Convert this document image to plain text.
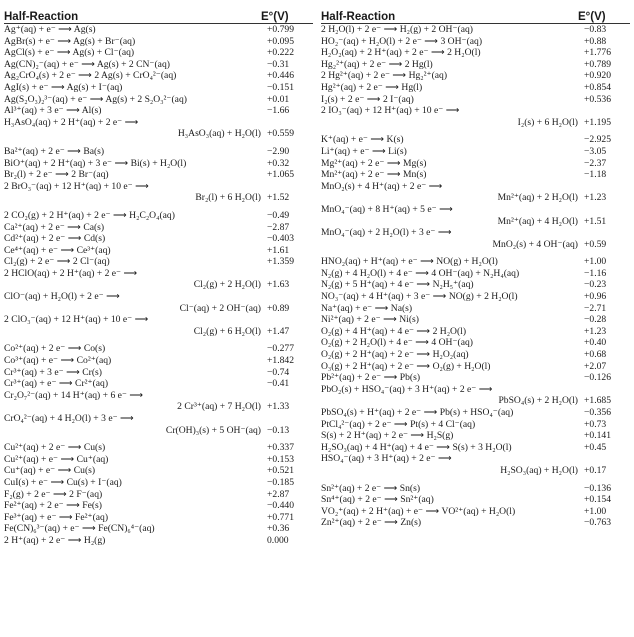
Half-Reaction	E°(V)
Ag⁺(aq) + e⁻ ⟶ Ag(s)	+0.799
AgBr(s) + e⁻ ⟶ Ag(s) + Br⁻(aq)	+0.095
AgCl(s) + e⁻ ⟶ Ag(s) + Cl⁻(aq)	+0.222
Ag(CN)₂⁻(aq) + e⁻ ⟶ Ag(s) + 2 CN⁻(aq)	−0.31
Ag₂CrO₄(s) + 2 e⁻ ⟶ 2 Ag(s) + CrO₄²⁻(aq)	+0.446
AgI(s) + e⁻ ⟶ Ag(s) + I⁻(aq)	−0.151
Ag(S₂O₃)₂³⁻(aq) + e⁻ ⟶ Ag(s) + 2 S₂O₃²⁻(aq)	+0.01
Al³⁺(aq) + 3 e⁻ ⟶ Al(s)	−1.66
H₃AsO₄(aq) + 2 H⁺(aq) + 2 e⁻ ⟶
H₃AsO₃(aq) + H₂O(l) +0.559
Ba²⁺(aq) + 2 e⁻ ⟶ Ba(s)	−2.90
BiO⁺(aq) + 2 H⁺(aq) + 3 e⁻ ⟶ Bi(s) + H₂O(l)	+0.32
Br₂(l) + 2 e⁻ ⟶ 2 Br⁻(aq)	+1.065
2 BrO₃⁻(aq) + 12 H⁺(aq) + 10 e⁻ ⟶
Br₂(l) + 6 H₂O(l) +1.52
2 CO₂(g) + 2 H⁺(aq) + 2 e⁻ ⟶ H₂C₂O₄(aq)	−0.49
Ca²⁺(aq) + 2 e⁻ ⟶ Ca(s)	−2.87
Cd²⁺(aq) + 2 e⁻ ⟶ Cd(s)	−0.403
Ce⁴⁺(aq) + e⁻ ⟶ Ce³⁺(aq)	+1.61
Cl₂(g) + 2 e⁻ ⟶ 2 Cl⁻(aq)	+1.359
2 HClO(aq) + 2 H⁺(aq) + 2 e⁻ ⟶
Cl₂(g) + 2 H₂O(l) +1.63
ClO⁻(aq) + H₂O(l) + 2 e⁻ ⟶
Cl⁻(aq) + 2 OH⁻(aq) +0.89
2 ClO₃⁻(aq) + 12 H⁺(aq) + 10 e⁻ ⟶
Cl₂(g) + 6 H₂O(l) +1.47
Co²⁺(aq) + 2 e⁻ ⟶ Co(s)	−0.277
Co³⁺(aq) + e⁻ ⟶ Co²⁺(aq)	+1.842
Cr³⁺(aq) + 3 e⁻ ⟶ Cr(s)	−0.74
Cr³⁺(aq) + e⁻ ⟶ Cr²⁺(aq)	−0.41
Cr₂O₇²⁻(aq) + 14 H⁺(aq) + 6 e⁻ ⟶
2 Cr³⁺(aq) + 7 H₂O(l) +1.33
CrO₄²⁻(aq) + 4 H₂O(l) + 3 e⁻ ⟶
Cr(OH)₃(s) + 5 OH⁻(aq) −0.13
Cu²⁺(aq) + 2 e⁻ ⟶ Cu(s)	+0.337
Cu²⁺(aq) + e⁻ ⟶ Cu⁺(aq)	+0.153
Cu⁺(aq) + e⁻ ⟶ Cu(s)	+0.521
CuI(s) + e⁻ ⟶ Cu(s) + I⁻(aq)	−0.185
F₂(g) + 2 e⁻ ⟶ 2 F⁻(aq)	+2.87
Fe²⁺(aq) + 2 e⁻ ⟶ Fe(s)	−0.440
Fe³⁺(aq) + e⁻ ⟶ Fe²⁺(aq)	+0.771
Fe(CN)₆³⁻(aq) + e⁻ ⟶ Fe(CN)₆⁴⁻(aq)	+0.36
2 H⁺(aq) + 2 e⁻ ⟶ H₂(g)	0.000
Half-Reaction	E°(V)
2 H₂O(l) + 2 e⁻ ⟶ H₂(g) + 2 OH⁻(aq)	−0.83
HO₂⁻(aq) + H₂O(l) + 2 e⁻ ⟶ 3 OH⁻(aq)	+0.88
H₂O₂(aq) + 2 H⁺(aq) + 2 e⁻ ⟶ 2 H₂O(l)	+1.776
Hg₂²⁺(aq) + 2 e⁻ ⟶ 2 Hg(l)	+0.789
2 Hg²⁺(aq) + 2 e⁻ ⟶ Hg₂²⁺(aq)	+0.920
Hg²⁺(aq) + 2 e⁻ ⟶ Hg(l)	+0.854
I₂(s) + 2 e⁻ ⟶ 2 I⁻(aq)	+0.536
2 IO₃⁻(aq) + 12 H⁺(aq) + 10 e⁻ ⟶
I₂(s) + 6 H₂O(l) +1.195
K⁺(aq) + e⁻ ⟶ K(s)	−2.925
Li⁺(aq) + e⁻ ⟶ Li(s)	−3.05
Mg²⁺(aq) + 2 e⁻ ⟶ Mg(s)	−2.37
Mn²⁺(aq) + 2 e⁻ ⟶ Mn(s)	−1.18
MnO₂(s) + 4 H⁺(aq) + 2 e⁻ ⟶
Mn²⁺(aq) + 2 H₂O(l) +1.23
MnO₄⁻(aq) + 8 H⁺(aq) + 5 e⁻ ⟶
Mn²⁺(aq) + 4 H₂O(l) +1.51
MnO₄⁻(aq) + 2 H₂O(l) + 3 e⁻ ⟶
MnO₂(s) + 4 OH⁻(aq) +0.59
HNO₂(aq) + H⁺(aq) + e⁻ ⟶ NO(g) + H₂O(l)	+1.00
N₂(g) + 4 H₂O(l) + 4 e⁻ ⟶ 4 OH⁻(aq) + N₂H₄(aq)	−1.16
N₂(g) + 5 H⁺(aq) + 4 e⁻ ⟶ N₂H₅⁺(aq)	−0.23
NO₃⁻(aq) + 4 H⁺(aq) + 3 e⁻ ⟶ NO(g) + 2 H₂O(l)	+0.96
Na⁺(aq) + e⁻ ⟶ Na(s)	−2.71
Ni²⁺(aq) + 2 e⁻ ⟶ Ni(s)	−0.28
O₂(g) + 4 H⁺(aq) + 4 e⁻ ⟶ 2 H₂O(l)	+1.23
O₂(g) + 2 H₂O(l) + 4 e⁻ ⟶ 4 OH⁻(aq)	+0.40
O₂(g) + 2 H⁺(aq) + 2 e⁻ ⟶ H₂O₂(aq)	+0.68
O₃(g) + 2 H⁺(aq) + 2 e⁻ ⟶ O₂(g) + H₂O(l)	+2.07
Pb²⁺(aq) + 2 e⁻ ⟶ Pb(s)	−0.126
PbO₂(s) + HSO₄⁻(aq) + 3 H⁺(aq) + 2 e⁻ ⟶
PbSO₄(s) + 2 H₂O(l) +1.685
PbSO₄(s) + H⁺(aq) + 2 e⁻ ⟶ Pb(s) + HSO₄⁻(aq)	−0.356
PtCl₄²⁻(aq) + 2 e⁻ ⟶ Pt(s) + 4 Cl⁻(aq)	+0.73
S(s) + 2 H⁺(aq) + 2 e⁻ ⟶ H₂S(g)	+0.141
H₂SO₃(aq) + 4 H⁺(aq) + 4 e⁻ ⟶ S(s) + 3 H₂O(l)	+0.45
HSO₄⁻(aq) + 3 H⁺(aq) + 2 e⁻ ⟶
H₂SO₃(aq) + H₂O(l) +0.17
Sn²⁺(aq) + 2 e⁻ ⟶ Sn(s)	−0.136
Sn⁴⁺(aq) + 2 e⁻ ⟶ Sn²⁺(aq)	+0.154
VO₂⁺(aq) + 2 H⁺(aq) + e⁻ ⟶ VO²⁺(aq) + H₂O(l)	+1.00
Zn²⁺(aq) + 2 e⁻ ⟶ Zn(s)	−0.763
